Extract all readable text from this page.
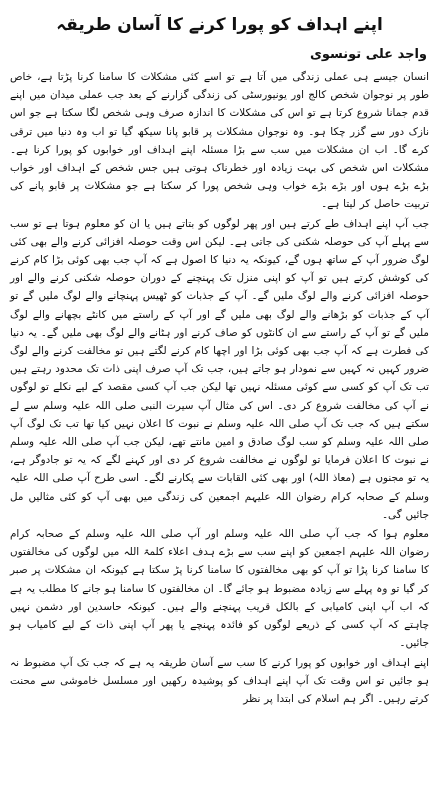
اپنے اہداف کو پورا کرنے کا آسان طریقہ
واجد علی تونسوی

انسان جیسے ہی عملی زندگی میں آتا ہے تو اسے کئی مشکلات کا سامنا کرنا پڑتا ہے، خاص طور پر نوجوان شخص کالج اور یونیورسٹی کی زندگی گزارنے کے بعد جب عملی میدان میں اپنے قدم جمانا شروع کرتا ہے تو اس کی مشکلات کا اندازہ صرف وہی شخص لگا سکتا ہے جو اس نازک دور سے گزر چکا ہو۔ وہ نوجوان مشکلات پر قابو پانا سیکھ گیا تو اب وہ دنیا میں ترقی کرے گا۔ اب ان مشکلات میں سب سے بڑا مسئلہ اپنے اہداف اور خوابوں کو پورا کرنا ہے۔ مشکلات اس شخص کی بہت زیادہ اور خطرناک ہوتی ہیں جس شخص کے اہداف اور خواب بڑے بڑے ہوں اور بڑے بڑے خواب وہی شخص پورا کر سکتا ہے جو مشکلات پر قابو پانے کی تربیت حاصل کر لیتا ہے۔

جب آپ اپنے اہداف طے کرتے ہیں اور پھر لوگوں کو بتاتے ہیں یا ان کو معلوم ہوتا ہے تو سب سے پہلے آپ کی حوصلہ شکنی کی جاتی ہے۔ لیکن اس وقت حوصلہ افزائی کرنے والے بھی کئی لوگ ضرور آپ کے ساتھ ہوں گے، کیونکہ یہ دنیا کا اصول ہے کہ آپ جب بھی کوئی بڑا کام کرنے کی کوشش کرتے ہیں تو آپ کو اپنی منزل تک پہنچنے کے دوران حوصلہ شکنی کرنے والے اور حوصلہ افزائی کرنے والے لوگ ملیں گے۔ آپ کے جذبات کو ٹھیس پہنچانے والے لوگ ملیں گے تو آپ کے جذبات کو بڑھانے والے لوگ بھی ملیں گے اور آپ کے راستے میں کانٹے بچھانے والے لوگ ملیں گے تو آپ کے راستے سے ان کانٹوں کو صاف کرنے اور ہٹانے والے لوگ بھی ملیں گے۔ یہ دنیا کی فطرت ہے کہ آپ جب بھی کوئی بڑا اور اچھا کام کرنے لگتے ہیں تو مخالفت کرنے والے لوگ ضرور کہیں نہ کہیں سے نمودار ہو جاتے ہیں، جب تک آپ صرف اپنی ذات تک محدود رہتے ہیں تب تک آپ کو کسی سے کوئی مسئلہ نہیں تھا لیکن جب آپ کسی مقصد کے لیے نکلے تو لوگوں نے آپ کی مخالفت شروع کر دی۔ اس کی مثال آپ سیرت النبی صلی اللہ علیہ وسلم سے لے سکتے ہیں کہ جب تک آپ صلی اللہ علیہ وسلم نے نبوت کا اعلان نہیں کیا تھا تب تک لوگ آپ صلی اللہ علیہ وسلم کو سب لوگ صادق و امین مانتے تھے، لیکن جب آپ صلی اللہ علیہ وسلم نے نبوت کا اعلان فرمایا تو لوگوں نے مخالفت شروع کر دی اور کہنے لگے کہ یہ تو جادوگر ہے، یہ تو مجنوں ہے (معاذ اللہ) اور بھی کئی القابات سے پکارنے لگے۔ اسی طرح آپ صلی اللہ علیہ وسلم کے صحابہ کرام رضوان اللہ علیہم اجمعین کی زندگی میں بھی آپ کو کئی مثالیں مل جائیں گی۔

معلوم ہوا کہ جب آپ صلی اللہ علیہ وسلم اور آپ صلی اللہ علیہ وسلم کے صحابہ کرام رضوان اللہ علیہم اجمعین کو اپنے سب سے بڑے ہدف اعلاء کلمۃ اللہ میں لوگوں کی مخالفتوں کا سامنا کرنا پڑا تو آپ کو بھی مخالفتوں کا سامنا کرنا پڑ سکتا ہے کیونکہ ان مشکلات پر صبر کر گیا تو وہ پہلے سے زیادہ مضبوط ہو جائے گا۔ ان مخالفتوں کا سامنا ہو جانے کا مطلب یہ ہے کہ اب آپ اپنی کامیابی کے بالکل قریب پہنچنے والے ہیں۔ کیونکہ حاسدین اور دشمن نہیں چاہتے کہ آپ کسی کے ذریعے لوگوں کو فائدہ پہنچے یا پھر آپ اپنی ذات کے لیے کامیاب ہو جائیں۔

اپنے اہداف اور خوابوں کو پورا کرنے کا سب سے آسان طریقہ یہ ہے کہ جب تک آپ مضبوط نہ ہو جائیں تو اس وقت تک آپ اپنے اہداف کو پوشیدہ رکھیں اور مسلسل خاموشی سے محنت کرتے رہیں۔ اگر ہم اسلام کی ابتدا پر نظر
